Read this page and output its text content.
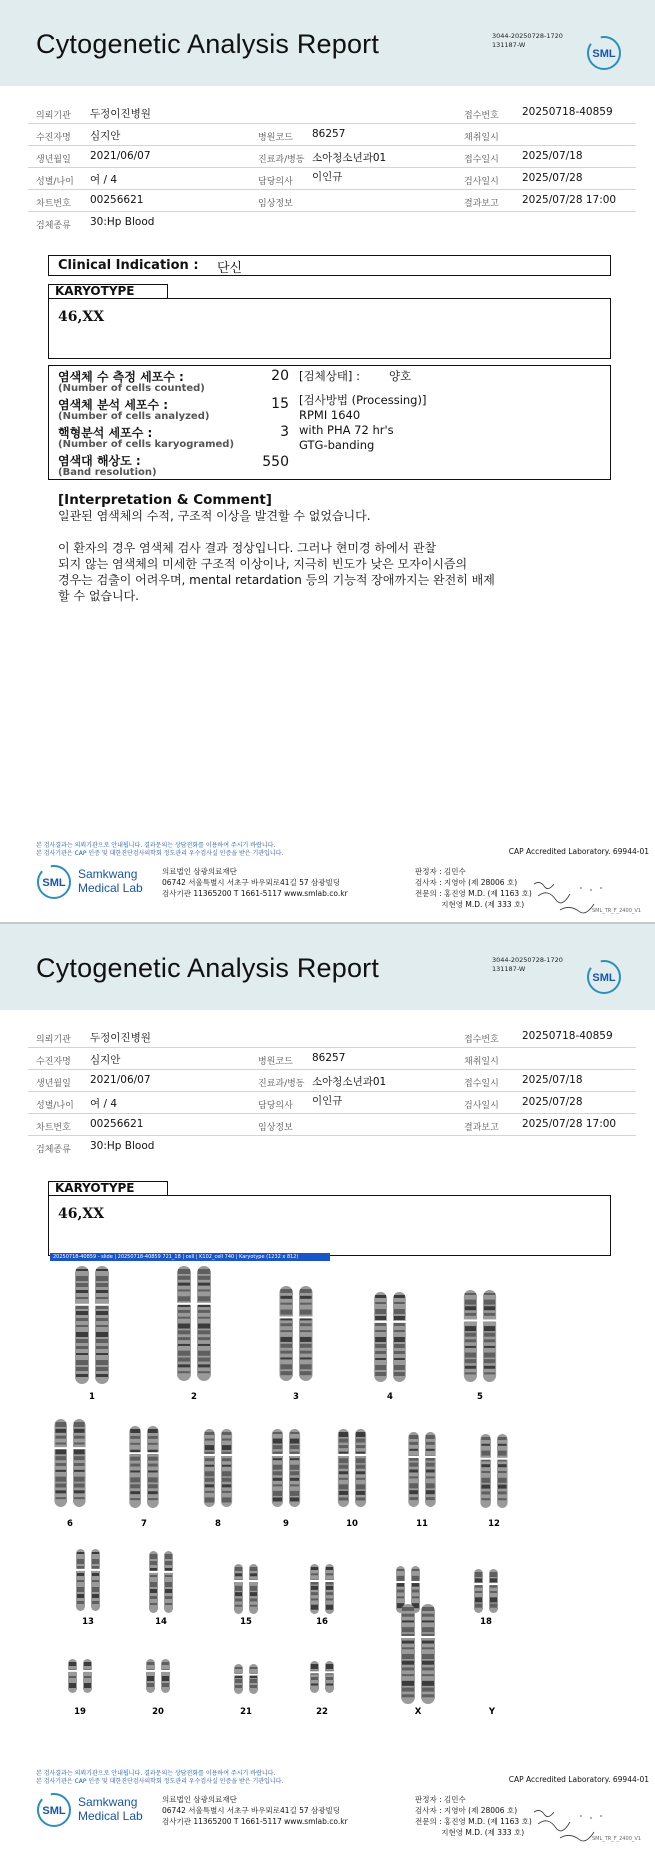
Cytogenetic Analysis Report	3044-20250728-1720
131187-W
SML
의뢰기관 두정이진병원	접수번호 20250718-40859
수진자명 심지안	병원코드 86257	채취일시
생년월일 2021/06/07	진료과/병동 소아청소년과01	접수일시 2025/07/18
성별/나이 여 / 4	담당의사 이인규	검사일시 2025/07/28
차트번호 00256621	임상정보	결과보고 2025/07/28 17:00
검체종류 30:Hp Blood
Clinical Indication : 단신
KARYOTYPE
46,XX
염색체 수 측정 세포수 :
(Number of cells counted)
20
염색체 분석 세포수 :
(Number of cells analyzed)
15
핵형분석 세포수 :
(Number of cells karyogramed)
3
염색대 해상도 :
(Band resolution)
550
[검체상태] :	양호
[검사방법 (Processing)]
RPMI 1640
with PHA 72 hr's
GTG-banding
[Interpretation & Comment]
일관된 염색체의 수적, 구조적 이상을 발견할 수 없었습니다.

이 환자의 경우 염색체 검사 결과 정상입니다. 그러나 현미경 하에서 관찰
되지 않는 염색체의 미세한 구조적 이상이나, 지극히 빈도가 낮은 모자이시즘의
경우는 검출이 어려우며, mental retardation 등의 기능적 장애까지는 완전히 배제
할 수 없습니다.
본 검사결과는 의뢰기관으로 안내됩니다. 결과문의는 상담전화를 이용하여 주시기 바랍니다.
본 검사기관은 CAP 인증 및 대한진단검사의학회 정도관리 우수검사실 인증을 받은 기관입니다.	CAP Accredited Laboratory. 69944-01
SML
Samkwang
Medical Lab
의료법인 삼광의료재단
06742 서울특별시 서초구 바우뫼로41길 57 삼광빌딩
검사기관 11365200 T 1661-5117 www.smlab.co.kr
판정자 : 김민수
검사자 : 지영아 (제 28006 호)
전문의 : 홍진영 M.D. (제 1163 호)
지현영 M.D. (제 333 호)
SML_TR_F_2400_V1
Cytogenetic Analysis Report	3044-20250728-1720
131187-W
SML
의뢰기관 두정이진병원	접수번호 20250718-40859
수진자명 심지안	병원코드 86257	채취일시
생년월일 2021/06/07	진료과/병동 소아청소년과01	접수일시 2025/07/18
성별/나이 여 / 4	담당의사 이인규	검사일시 2025/07/28
차트번호 00256621	임상정보	결과보고 2025/07/28 17:00
검체종류 30:Hp Blood
KARYOTYPE
46,XX
20250718-40859 - slide | 20250718-40859 721_18 | cell | K102_cell 740 | Karyotype (1232 x 812)
1	2	3	4	5
6	7	8	9	10	11	12
13	14	15	16	18
19	20	21	22	X	Y
본 검사결과는 의뢰기관으로 안내됩니다. 결과문의는 상담전화를 이용하여 주시기 바랍니다.
본 검사기관은 CAP 인증 및 대한진단검사의학회 정도관리 우수검사실 인증을 받은 기관입니다.	CAP Accredited Laboratory. 69944-01
SML
Samkwang
Medical Lab
의료법인 삼광의료재단
06742 서울특별시 서초구 바우뫼로41길 57 삼광빌딩
검사기관 11365200 T 1661-5117 www.smlab.co.kr
판정자 : 김민수
검사자 : 지영아 (제 28006 호)
전문의 : 홍진영 M.D. (제 1163 호)
지현영 M.D. (제 333 호)
SML_TR_F_2400_V1
